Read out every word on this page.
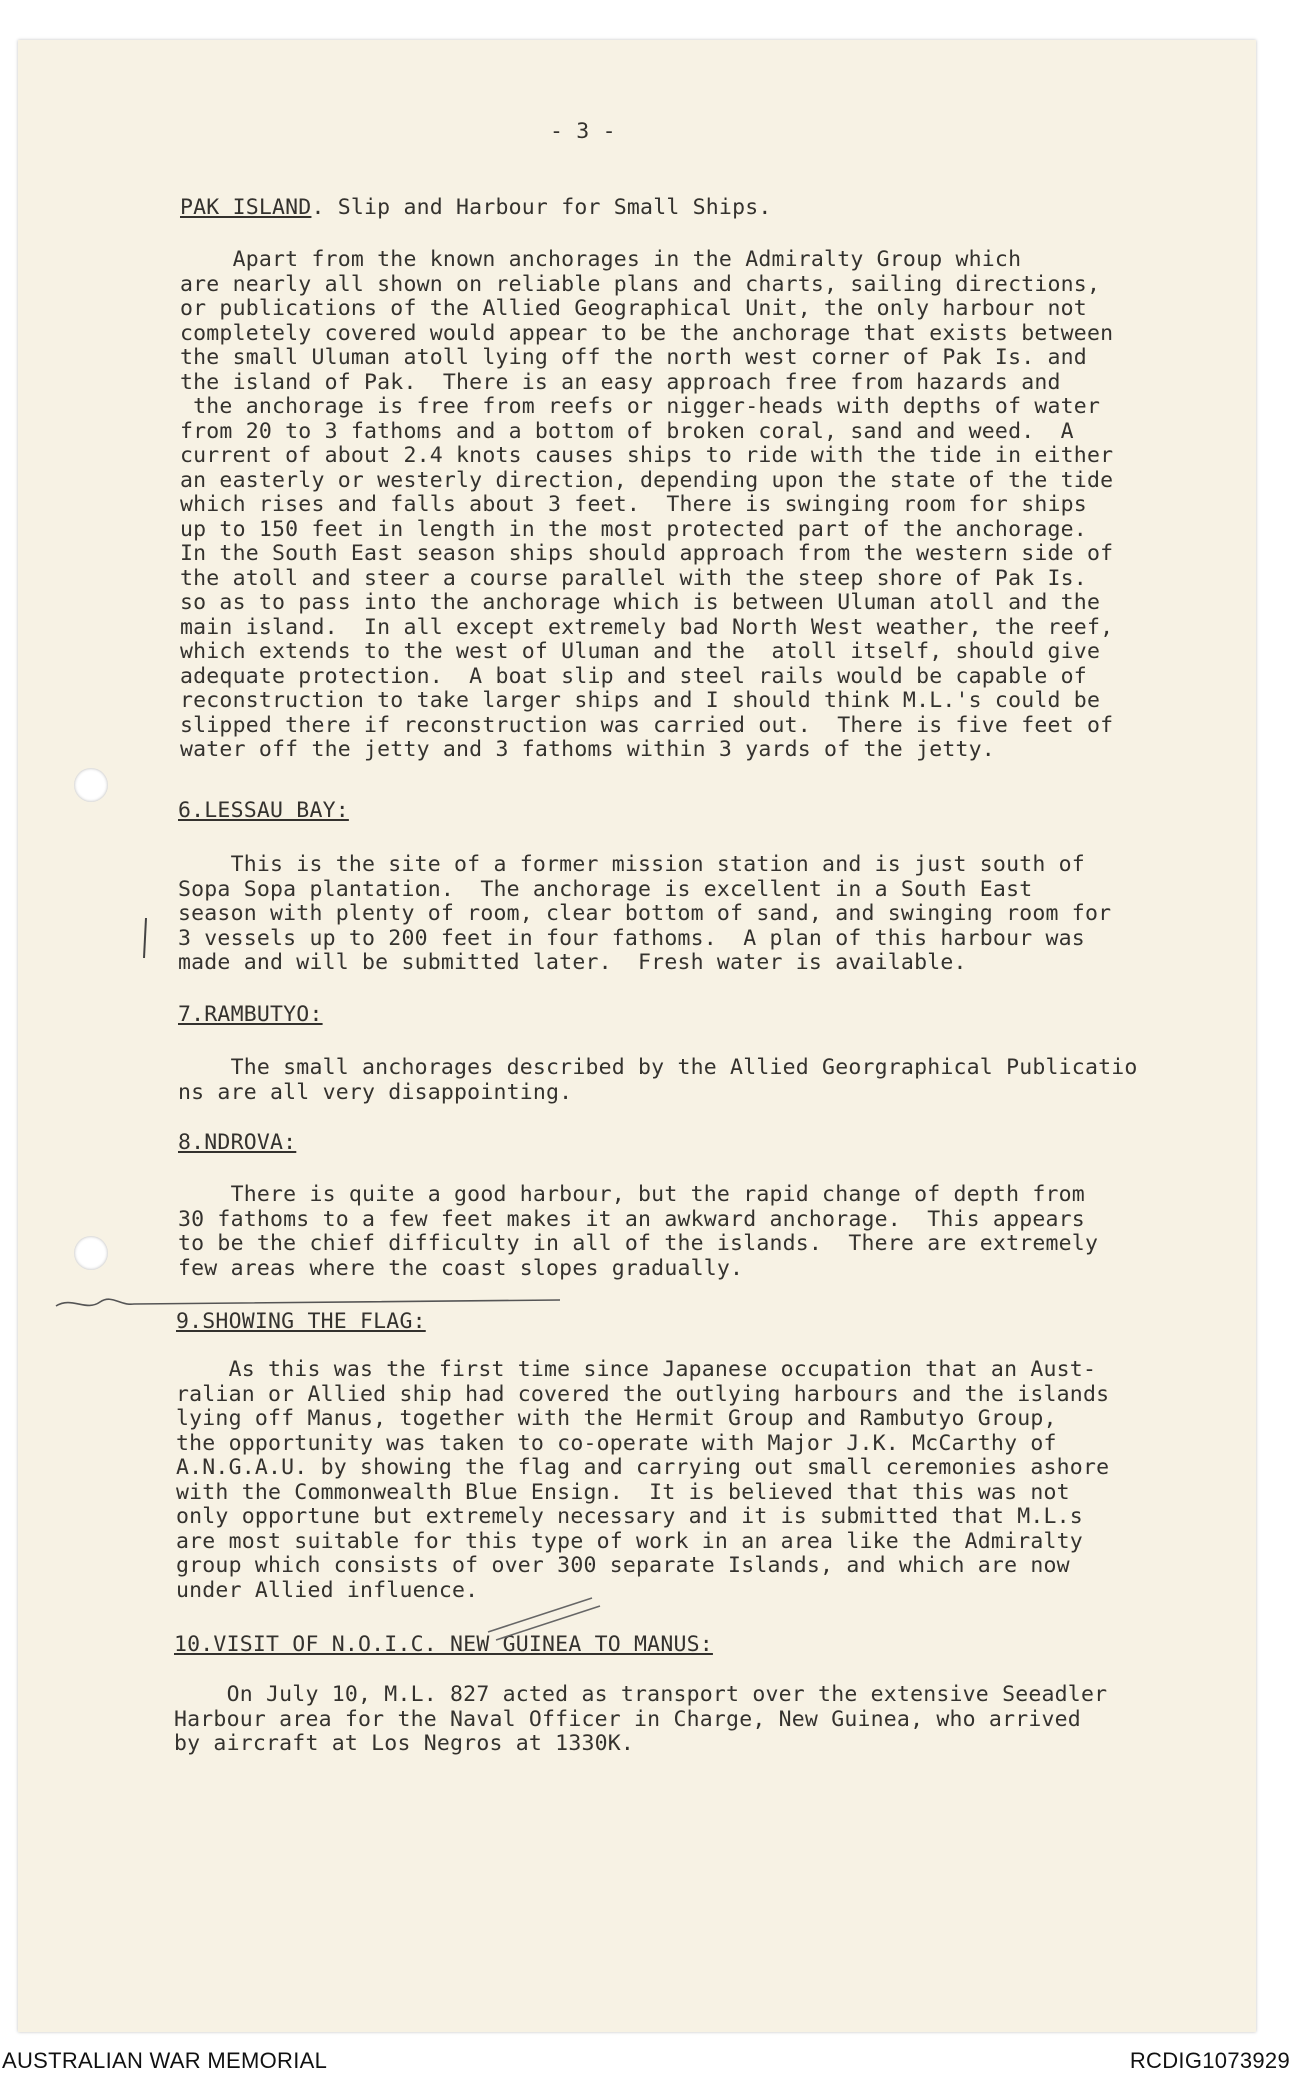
- 3 -
PAK ISLAND. Slip and Harbour for Small Ships.
Apart from the known anchorages in the Admiralty Group which
are nearly all shown on reliable plans and charts, sailing directions,
or publications of the Allied Geographical Unit, the only harbour not
completely covered would appear to be the anchorage that exists between
the small Uluman atoll lying off the north west corner of Pak Is. and
the island of Pak.  There is an easy approach free from hazards and
the anchorage is free from reefs or nigger-heads with depths of water
from 20 to 3 fathoms and a bottom of broken coral, sand and weed.  A
current of about 2.4 knots causes ships to ride with the tide in either
an easterly or westerly direction, depending upon the state of the tide
which rises and falls about 3 feet.  There is swinging room for ships
up to 150 feet in length in the most protected part of the anchorage.
In the South East season ships should approach from the western side of
the atoll and steer a course parallel with the steep shore of Pak Is.
so as to pass into the anchorage which is between Uluman atoll and the
main island.  In all except extremely bad North West weather, the reef,
which extends to the west of Uluman and the  atoll itself, should give
adequate protection.  A boat slip and steel rails would be capable of
reconstruction to take larger ships and I should think M.L.'s could be
slipped there if reconstruction was carried out.  There is five feet of
water off the jetty and 3 fathoms within 3 yards of the jetty.
6.LESSAU BAY:
This is the site of a former mission station and is just south of
Sopa Sopa plantation.  The anchorage is excellent in a South East
season with plenty of room, clear bottom of sand, and swinging room for
3 vessels up to 200 feet in four fathoms.  A plan of this harbour was
made and will be submitted later.  Fresh water is available.
7.RAMBUTYO:
The small anchorages described by the Allied Georgraphical Publicatio
ns are all very disappointing.
8.NDROVA:
There is quite a good harbour, but the rapid change of depth from
30 fathoms to a few feet makes it an awkward anchorage.  This appears
to be the chief difficulty in all of the islands.  There are extremely
few areas where the coast slopes gradually.
9.SHOWING THE FLAG:
As this was the first time since Japanese occupation that an Aust-
ralian or Allied ship had covered the outlying harbours and the islands
lying off Manus, together with the Hermit Group and Rambutyo Group,
the opportunity was taken to co-operate with Major J.K. McCarthy of
A.N.G.A.U. by showing the flag and carrying out small ceremonies ashore
with the Commonwealth Blue Ensign.  It is believed that this was not
only opportune but extremely necessary and it is submitted that M.L.s
are most suitable for this type of work in an area like the Admiralty
group which consists of over 300 separate Islands, and which are now
under Allied influence.
10.VISIT OF N.O.I.C. NEW GUINEA TO MANUS:
On July 10, M.L. 827 acted as transport over the extensive Seeadler
Harbour area for the Naval Officer in Charge, New Guinea, who arrived
by aircraft at Los Negros at 1330K.
AUSTRALIAN WAR MEMORIAL	RCDIG1073929
